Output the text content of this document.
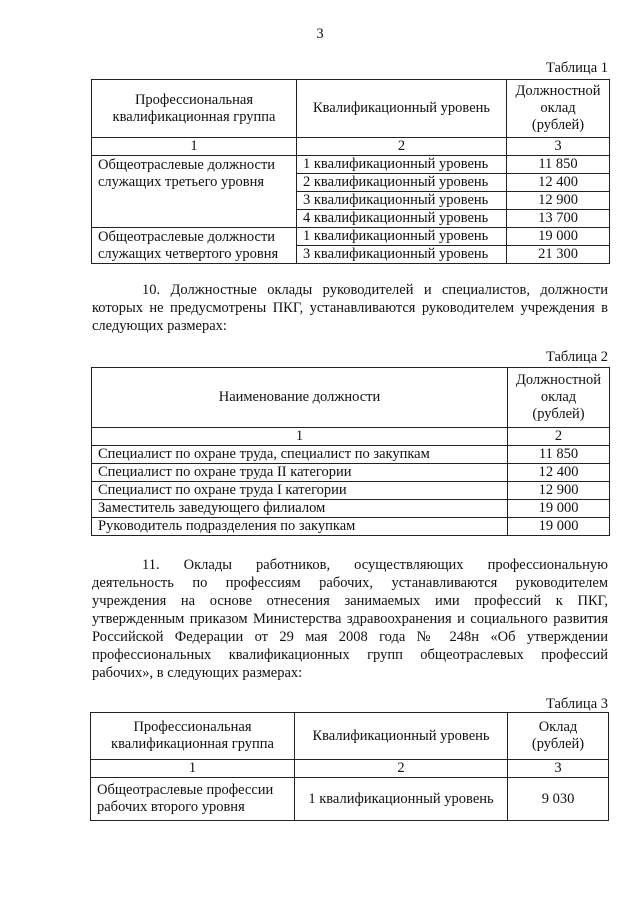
3
Таблица 1
Профессиональная квалификационная группа	Квалификационный уровень	Должностной оклад (рублей)
1	2	3
Общеотраслевые должности служащих третьего уровня	1 квалификационный уровень	11 850
	2 квалификационный уровень	12 400
	3 квалификационный уровень	12 900
	4 квалификационный уровень	13 700
Общеотраслевые должности служащих четвертого уровня	1 квалификационный уровень	19 000
	3 квалификационный уровень	21 300

10. Должностные оклады руководителей и специалистов, должности которых не предусмотрены ПКГ, устанавливаются руководителем учреждения в следующих размерах:

Таблица 2
Наименование должности	Должностной оклад (рублей)
1	2
Специалист по охране труда, специалист по закупкам	11 850
Специалист по охране труда II категории	12 400
Специалист по охране труда I категории	12 900
Заместитель заведующего филиалом	19 000
Руководитель подразделения по закупкам	19 000

11. Оклады работников, осуществляющих профессиональную деятельность по профессиям рабочих, устанавливаются руководителем учреждения на основе отнесения занимаемых ими профессий к ПКГ, утвержденным приказом Министерства здравоохранения и социального развития Российской Федерации от 29 мая 2008 года № 248н «Об утверждении профессиональных квалификационных групп общеотраслевых профессий рабочих», в следующих размерах:

Таблица 3
Профессиональная квалификационная группа	Квалификационный уровень	Оклад (рублей)
1	2	3
Общеотраслевые профессии рабочих второго уровня	1 квалификационный уровень	9 030
